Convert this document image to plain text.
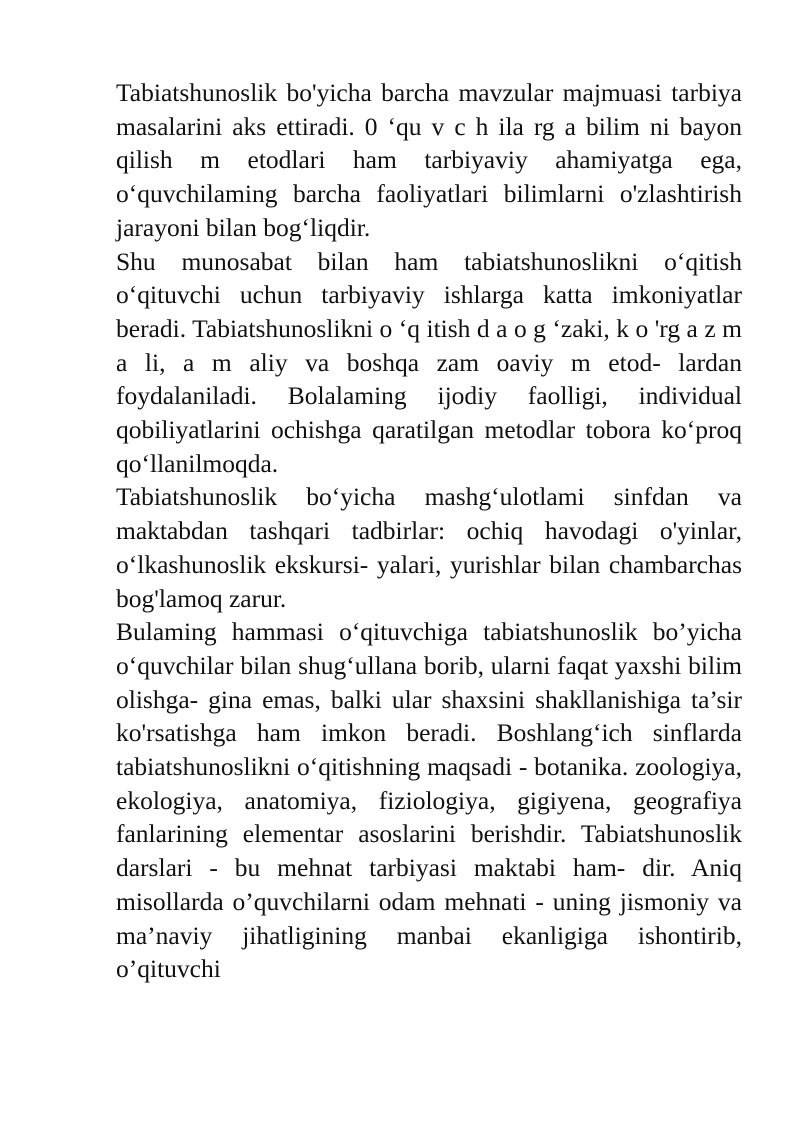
Tabiatshunoslik bo'yicha barcha mavzular majmuasi tarbiya masalarini aks ettiradi. 0 ‘qu v c h ila rg a bilim ni bayon qilish m etodlari ham tarbiyaviy ahamiyatga ega, o‘quvchilaming barcha faoliyatlari bilimlarni o'zlashtirish jarayoni bilan bog‘liqdir.

Shu munosabat bilan ham tabiatshunoslikni o‘qitish o‘qituvchi uchun tarbiyaviy ishlarga katta imkoniyatlar beradi. Tabiatshunoslikni o ‘q itish d a o g ‘zaki, k o 'rg a z m a li, a m aliy va boshqa zam oaviy m etod- lardan foydalaniladi. Bolalaming ijodiy faolligi, individual qobiliyatlarini ochishga qaratilgan metodlar tobora ko‘proq qo‘llanilmoqda.

Tabiatshunoslik bo‘yicha mashg‘ulotlami sinfdan va maktabdan tashqari tadbirlar: ochiq havodagi o'yinlar, o‘lkashunoslik ekskursi- yalari, yurishlar bilan chambarchas bog'lamoq zarur.

Bulaming hammasi o‘qituvchiga tabiatshunoslik bo’yicha o‘quvchilar bilan shug‘ullana borib, ularni faqat yaxshi bilim olishga- gina emas, balki ular shaxsini shakllanishiga ta’sir ko'rsatishga ham imkon beradi. Boshlang‘ich sinflarda tabiatshunoslikni o‘qitishning maqsadi - botanika. zoologiya, ekologiya, anatomiya, fiziologiya, gigiyena, geografiya fanlarining elementar asoslarini berishdir. Tabiatshunoslik darslari - bu mehnat tarbiyasi maktabi ham- dir. Aniq misollarda o’quvchilarni odam mehnati - uning jismoniy va ma’naviy jihatligining manbai ekanligiga ishontirib, o’qituvchi
